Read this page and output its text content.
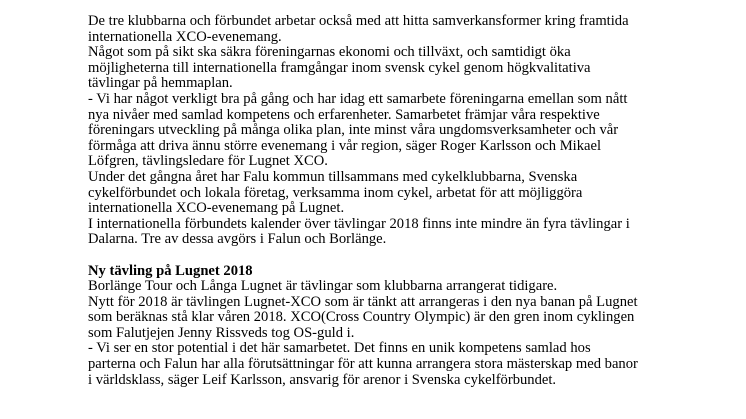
De tre klubbarna och förbundet arbetar också med att hitta samverkansformer kring framtida
internationella XCO-evenemang.
Något som på sikt ska säkra föreningarnas ekonomi och tillväxt, och samtidigt öka
möjligheterna till internationella framgångar inom svensk cykel genom högkvalitativa
tävlingar på hemmaplan.
- Vi har något verkligt bra på gång och har idag ett samarbete föreningarna emellan som nått
nya nivåer med samlad kompetens och erfarenheter. Samarbetet främjar våra respektive
föreningars utveckling på många olika plan, inte minst våra ungdomsverksamheter och vår
förmåga att driva ännu större evenemang i vår region, säger Roger Karlsson och Mikael
Löfgren, tävlingsledare för Lugnet XCO.
Under det gångna året har Falu kommun tillsammans med cykelklubbarna, Svenska
cykelförbundet och lokala företag, verksamma inom cykel, arbetat för att möjliggöra
internationella XCO-evenemang på Lugnet.
I internationella förbundets kalender över tävlingar 2018 finns inte mindre än fyra tävlingar i
Dalarna. Tre av dessa avgörs i Falun och Borlänge.
Ny tävling på Lugnet 2018
Borlänge Tour och Långa Lugnet är tävlingar som klubbarna arrangerat tidigare.
Nytt för 2018 är tävlingen Lugnet-XCO som är tänkt att arrangeras i den nya banan på Lugnet
som beräknas stå klar våren 2018. XCO(Cross Country Olympic) är den gren inom cyklingen
som Falutjejen Jenny Rissveds tog OS-guld i.
- Vi ser en stor potential i det här samarbetet. Det finns en unik kompetens samlad hos
parterna och Falun har alla förutsättningar för att kunna arrangera stora mästerskap med banor
i världsklass, säger Leif Karlsson, ansvarig för arenor i Svenska cykelförbundet.
